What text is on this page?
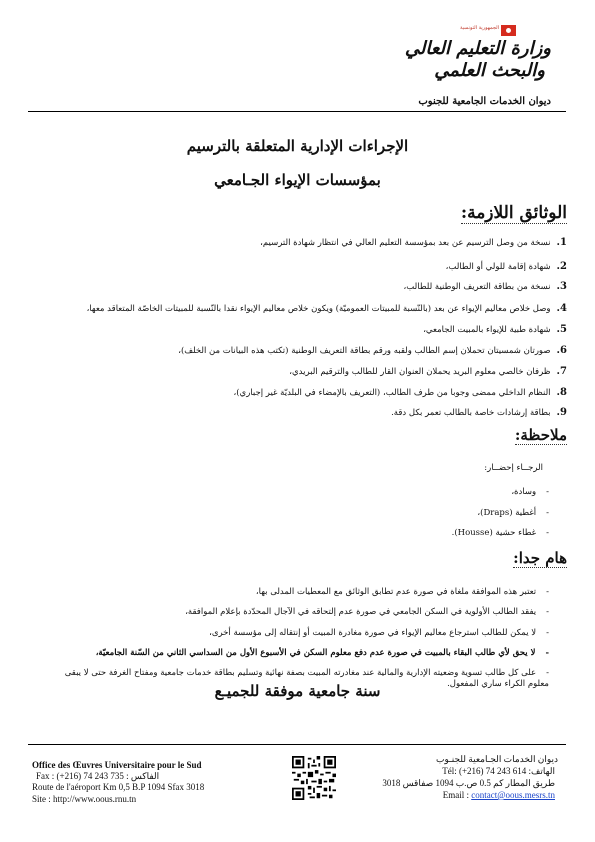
الجمهورية التونسية
وزارة التعليم العالي
والبحث العلمي
ديوان الخدمات الجامعية للجنوب
الإجراءات الإدارية المتعلقة بالترسيم
بمؤسسات الإيواء الجـامعي
الوثائق اللازمة:
1.نسخة من وصل الترسيم عن بعد بمؤسسة التعليم العالي في انتظار شهادة الترسيم،
2.شهادة إقامة للولي أو الطالب،
3.نسخة من بطاقة التعريف الوطنية للطالب،
4.وصل خلاص معاليم الإيواء عن بعد (بالنّسبة للمبيتات العموميّة) ويكون خلاص معاليم الإيواء نقدا بالنّسبة للمبيتات الخاصّة المتعاقد معها،
5.شهادة طبية للإيواء بالمبيت الجامعي،
6.صورتان شمسيتان تحملان إسم الطالب ولقبه ورقم بطاقة التعريف الوطنية (تكتب هذه البيانات من الخلف)،
7.ظرفان خالصي معلوم البريد يحملان العنوان القار للطالب والترقيم البريدي،
8.النظام الداخلي ممضى وجوبا من طرف الطالب، (التعريف بالإمضاء في البلديّة غير إجباري)،
9.بطاقة إرشادات خاصة بالطالب تعمر بكل دقة.
ملاحظة:
الرجــاء إحضــار:
-وسادة،
-أغطية (Draps)،
-غطاء حشية (Housse).
هام جدا:
-تعتبر هذه الموافقة ملغاة في صورة عدم تطابق الوثائق مع المعطيات المدلى بها،
-يفقد الطالب الأولوية في السكن الجامعي في صورة عدم إلتحاقه في الآجال المحدّدة بإعلام الموافقة،
-لا يمكن للطالب استرجاع معاليم الإيواء في صورة مغادرة المبيت أو إنتقاله إلى مؤسسة أخرى،
-لا يحق لأي طالب البقاء بالمبيت في صورة عدم دفع معلوم السكن في الأسبوع الأول من السداسي الثاني من السّنة الجامعيّة،
-على كل طالب تسوية وضعيته الإدارية والمالية عند مغادرته المبيت بصفة نهائية وتسليم بطاقة خدمات جامعية ومفتاح الغرفة حتى لا يبقى معلوم الكراء ساري المفعول.
سنة جامعية موفقة للجميـع
Office des Œuvres Universitaire pour le Sud
Fax : (+216) 74 243 735 : الفاكس
Route de l'aéroport Km 0,5 B.P 1094 Sfax 3018
Site : http://www.oous.rnu.tn
ديوان الخدمات الجـامعية للجنـوب
Tél: (+216) 74 243 614 :الهاتف
طريق المطار كم 0.5 ص.ب 1094 صفاقس 3018
Email : contact@oous.mesrs.tn
